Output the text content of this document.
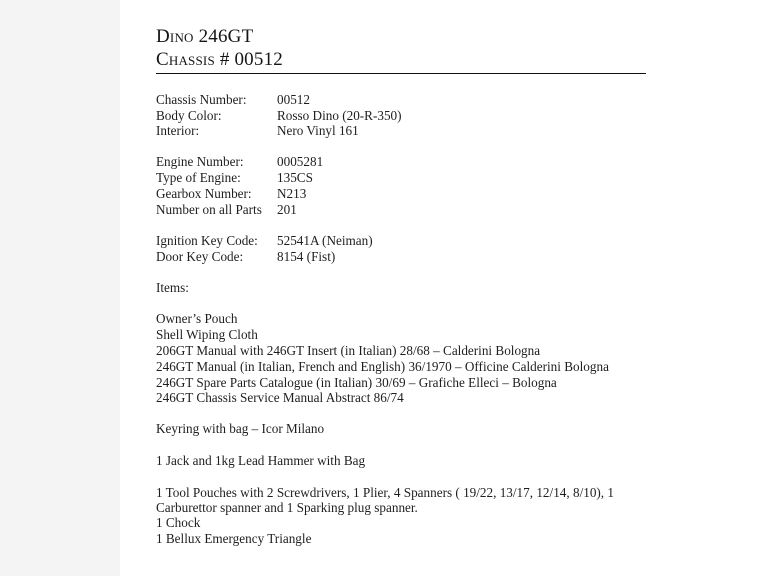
Dino 246GT
Chassis # 00512
Chassis Number: 00512
Body Color:	Rosso Dino (20-R-350)
Interior:	Nero Vinyl 161
Engine Number:	0005281
Type of Engine:	135CS
Gearbox Number: N213
Number on all Parts 201
Ignition Key Code: 52541A (Neiman)
Door Key Code:	8154 (Fist)
Items:
Owner’s Pouch
Shell Wiping Cloth
206GT Manual with 246GT Insert (in Italian) 28/68 – Calderini Bologna
246GT Manual (in Italian, French and English) 36/1970 – Officine Calderini Bologna
246GT Spare Parts Catalogue (in Italian) 30/69 – Grafiche Elleci – Bologna
246GT Chassis Service Manual Abstract 86/74
Keyring with bag – Icor Milano
1 Jack and 1kg Lead Hammer with Bag
1 Tool Pouches with 2 Screwdrivers, 1 Plier, 4 Spanners ( 19/22, 13/17, 12/14, 8/10), 1
Carburettor spanner and 1 Sparking plug spanner.
1 Chock
1 Bellux Emergency Triangle
